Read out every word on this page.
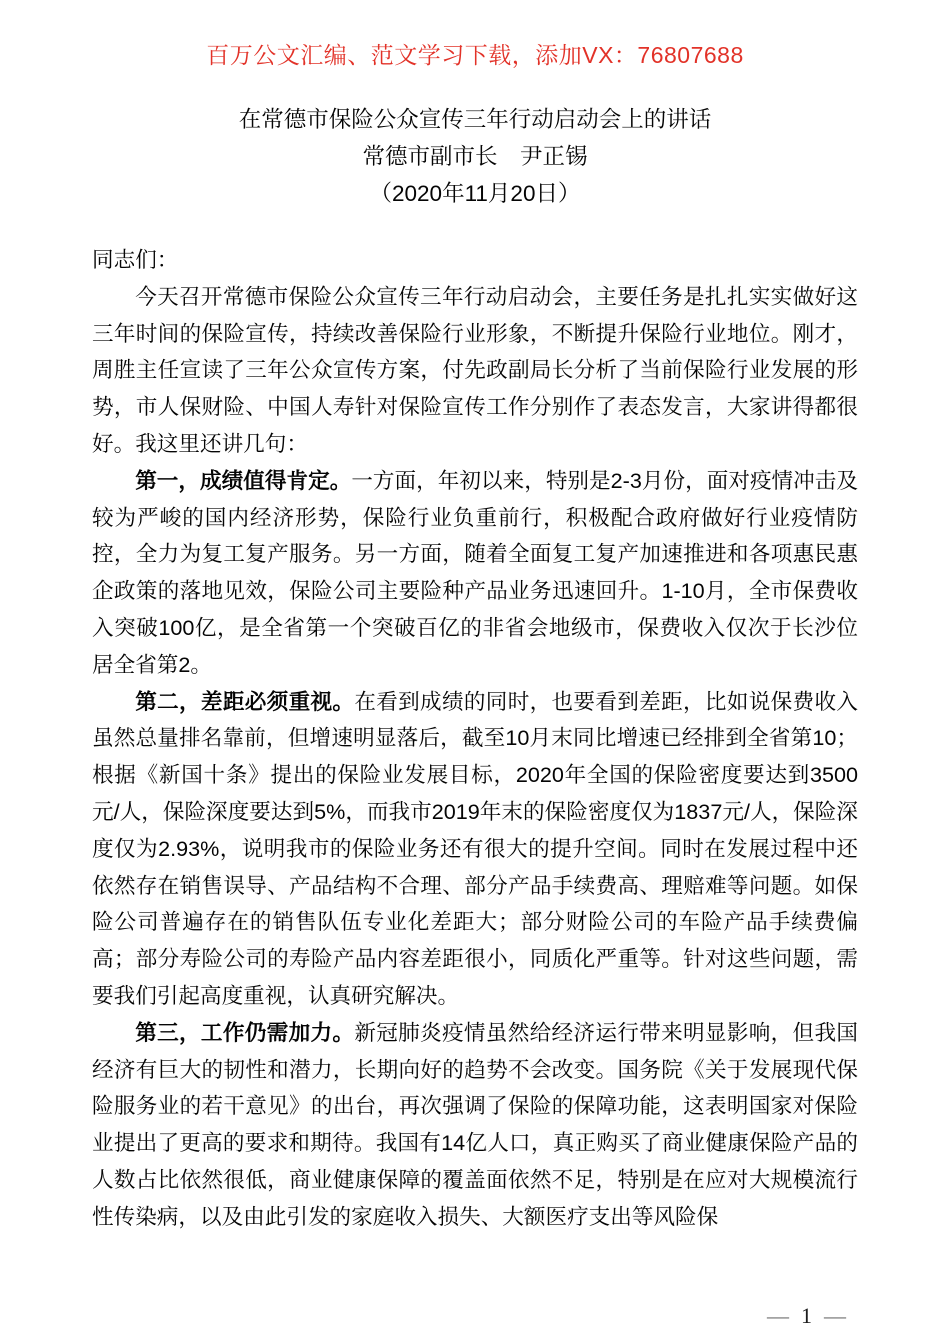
百万公文汇编、范文学习下载，添加VX：76807688
在常德市保险公众宣传三年行动启动会上的讲话
常德市副市长　尹正锡
（2020年11月20日）

同志们：

今天召开常德市保险公众宣传三年行动启动会，主要任务是扎扎实实做好这三年时间的保险宣传，持续改善保险行业形象，不断提升保险行业地位。刚才，周胜主任宣读了三年公众宣传方案，付先政副局长分析了当前保险行业发展的形势，市人保财险、中国人寿针对保险宣传工作分别作了表态发言，大家讲得都很好。我这里还讲几句：

第一，成绩值得肯定。一方面，年初以来，特别是2-3月份，面对疫情冲击及较为严峻的国内经济形势，保险行业负重前行，积极配合政府做好行业疫情防控，全力为复工复产服务。另一方面，随着全面复工复产加速推进和各项惠民惠企政策的落地见效，保险公司主要险种产品业务迅速回升。1-10月，全市保费收入突破100亿，是全省第一个突破百亿的非省会地级市，保费收入仅次于长沙位居全省第2。

第二，差距必须重视。在看到成绩的同时，也要看到差距，比如说保费收入虽然总量排名靠前，但增速明显落后，截至10月末同比增速已经排到全省第10；根据《新国十条》提出的保险业发展目标，2020年全国的保险密度要达到3500元/人，保险深度要达到5%，而我市2019年末的保险密度仅为1837元/人，保险深度仅为2.93%，说明我市的保险业务还有很大的提升空间。同时在发展过程中还依然存在销售误导、产品结构不合理、部分产品手续费高、理赔难等问题。如保险公司普遍存在的销售队伍专业化差距大；部分财险公司的车险产品手续费偏高；部分寿险公司的寿险产品内容差距很小，同质化严重等。针对这些问题，需要我们引起高度重视，认真研究解决。

第三，工作仍需加力。新冠肺炎疫情虽然给经济运行带来明显影响，但我国经济有巨大的韧性和潜力，长期向好的趋势不会改变。国务院《关于发展现代保险服务业的若干意见》的出台，再次强调了保险的保障功能，这表明国家对保险业提出了更高的要求和期待。我国有14亿人口，真正购买了商业健康保险产品的人数占比依然很低，商业健康保障的覆盖面依然不足，特别是在应对大规模流行性传染病，以及由此引发的家庭收入损失、大额医疗支出等风险保

— 1 —
